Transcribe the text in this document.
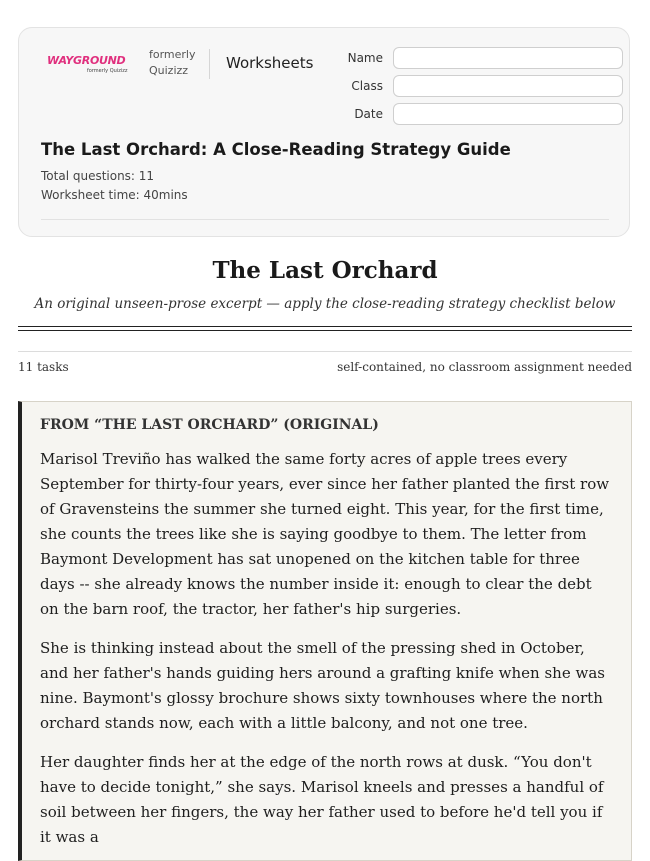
WAYGROUND
formerly Quizizz
formerly Quizizz	Worksheets	Name
Class
Date
The Last Orchard: A Close-Reading Strategy Guide
Total questions: 11
Worksheet time: 40mins
The Last Orchard
An original unseen-prose excerpt — apply the close-reading strategy checklist below
11 tasks	self-contained, no classroom assignment needed
FROM “THE LAST ORCHARD” (ORIGINAL)

Marisol Treviño has walked the same forty acres of apple trees every September for thirty-four years, ever since her father planted the first row of Gravensteins the summer she turned eight. This year, for the first time, she counts the trees like she is saying goodbye to them. The letter from Baymont Development has sat unopened on the kitchen table for three days -- she already knows the number inside it: enough to clear the debt on the barn roof, the tractor, her father's hip surgeries.

She is thinking instead about the smell of the pressing shed in October, and her father's hands guiding hers around a grafting knife when she was nine. Baymont's glossy brochure shows sixty townhouses where the north orchard stands now, each with a little balcony, and not one tree.

Her daughter finds her at the edge of the north rows at dusk. “You don't have to decide tonight,” she says. Marisol kneels and presses a handful of soil between her fingers, the way her father used to before he'd tell you if it was a
